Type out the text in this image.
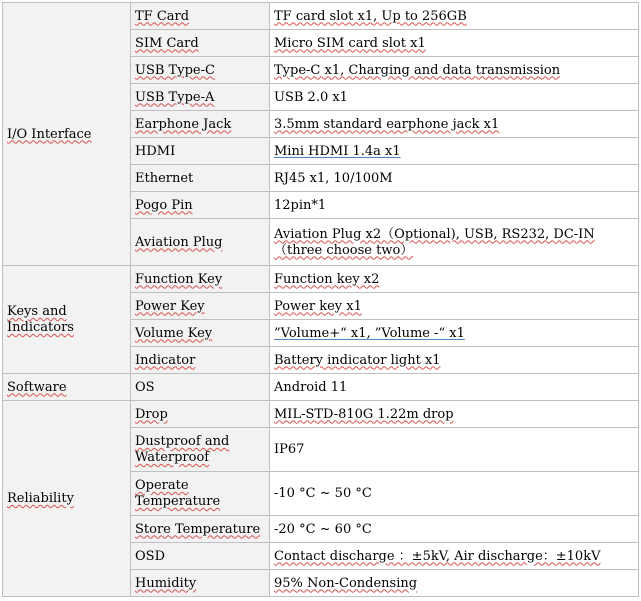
I/O Interface	TF Card	TF card slot x1, Up to 256GB
	SIM Card	Micro SIM card slot x1
	USB Type-C	Type-C x1, Charging and data transmission
	USB Type-A	USB 2.0 x1
	Earphone Jack	3.5mm standard earphone jack x1
	HDMI	Mini HDMI 1.4a x1
	Ethernet	RJ45 x1, 10/100M
	Pogo Pin	12pin*1
	Aviation Plug	Aviation Plug x2（Optional), USB, RS232, DC-IN（three choose two）
Keys and Indicators	Function Key	Function key x2
	Power Key	Power key x1
	Volume Key	”Volume+“ x1, ”Volume -“ x1
	Indicator	Battery indicator light x1
Software	OS	Android 11
Reliability	Drop	MIL-STD-810G 1.22m drop
	Dustproof and Waterproof	IP67
	Operate Temperature	-10 °C ~ 50 °C
	Store Temperature	-20 °C ~ 60 °C
	OSD	Contact discharge ：±5kV, Air discharge：±10kV
	Humidity	95% Non-Condensing
